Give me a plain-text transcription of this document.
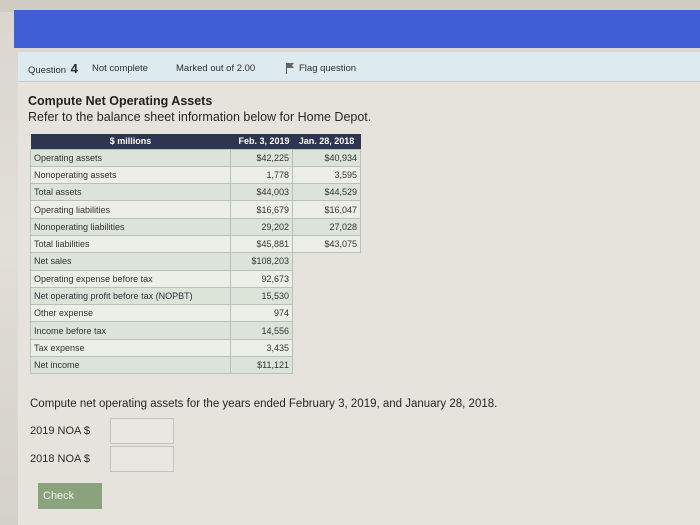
Question 4 Not complete	Marked out of 2.00	Flag question
Compute Net Operating Assets
Refer to the balance sheet information below for Home Depot.
$ millions	Feb. 3, 2019	Jan. 28, 2018
Operating assets	$42,225	$40,934
Nonoperating assets	1,778	3,595
Total assets	$44,003	$44,529
Operating liabilities	$16,679	$16,047
Nonoperating liabilities	29,202	27,028
Total liabilities	$45,881	$43,075
Net sales	$108,203	
Operating expense before tax	92,673	
Net operating profit before tax (NOPBT)	15,530	
Other expense	974	
Income before tax	14,556	
Tax expense	3,435	
Net income	$11,121	
Compute net operating assets for the years ended February 3, 2019, and January 28, 2018.
2019 NOA $
2018 NOA $
Check
